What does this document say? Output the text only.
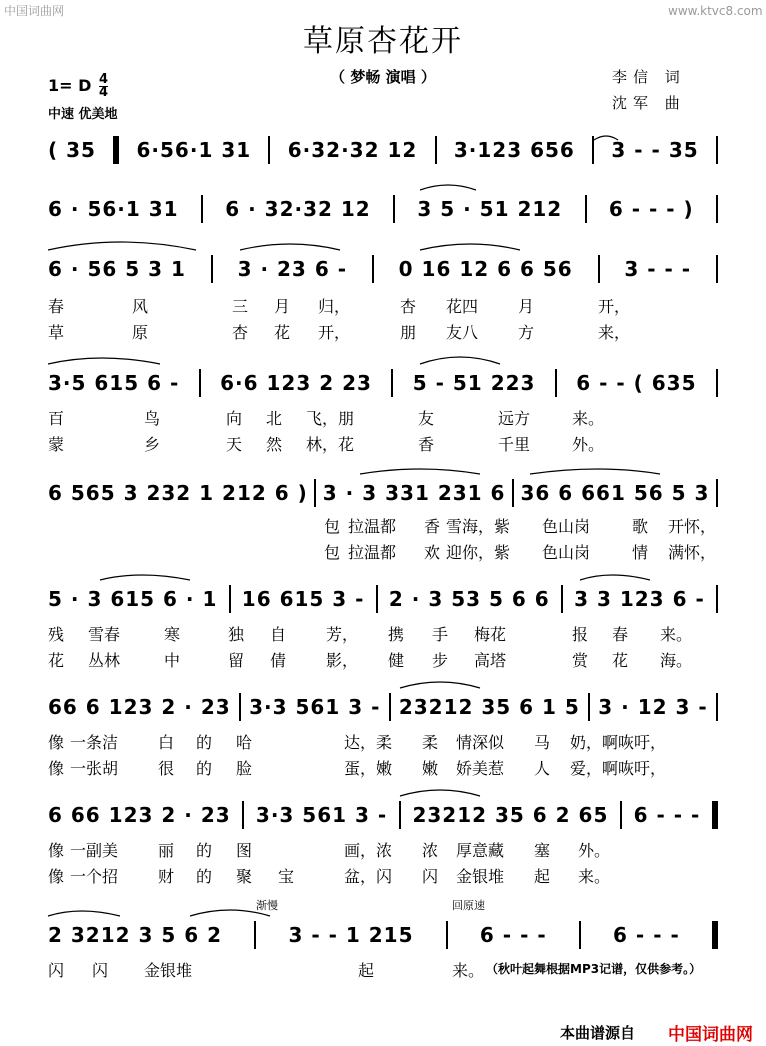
中国词曲网	www.ktvc8.com
草原杏花开
（ 梦畅 演唱 ）
1= D $\frac{4}{4}$
中速 优美地
李信 词
沈军 曲
( 35 6·56·1 31 6·32·32 12 3·123 656 3 - - 35
6 · 56·1 31 6 · 32·32 12 3 5 · 51 212 6 - - - )
6 · 56 5 3 1	3 · 23 6 -	0 16 12 6 6 56	3 - - -
春	风	三 月 归，	杏 花四 月	开，
草	原	杏 花 开，	朋 友八 方	来，
3·5 615 6 - 6·6 123 2 23 5 - 51 223 6 - - ( 635
百	鸟	向 北 飞，朋	友	远方	来。
蒙	乡	天 然 林，花	香	千里	外。
6 565 3 232 1 212 6 ) 3 · 3 331 231 6 36 6 661 56 5 3
包 拉温都 香 雪海，紫 色山岗	歌 开怀，
包 拉温都 欢 迎你，紫 色山岗	情 满怀，
5 · 3 615 6 · 1 16 615 3 - 2 · 3 53 5 6 6 3 3 123 6 -
残 雪春	寒	独 自 芳， 携 手 梅花	报 春 来。
花 丛林	中	留 倩 影， 健 步 高塔	赏 花 海。
66 6 123 2 · 23 3·3 561 3 - 23212 35 6 1 5 3 · 12 3 -
像 一条洁 白 的 哈	达，柔 柔 情深似 马 奶，啊咴吁，
像 一张胡 很 的 脸	蛋，嫩 嫩 娇美惹 人 爱，啊咴吁，
6 66 123 2 · 23 3·3 561 3 - 23212 35 6 2 65 6 - - -
像 一副美 丽 的 图	画，浓 浓 厚意藏 塞 外。
像 一个招 财 的 聚 宝	盆，闪 闪 金银堆 起 来。
渐慢	回原速
2 3212 3 5 6 2	3 - - 1 215	6 - - -	6 - - -
闪 闪 金银堆	起	来。 （秋叶起舞根据MP3记谱，仅供参考。）
本曲谱源自 中国词曲网
